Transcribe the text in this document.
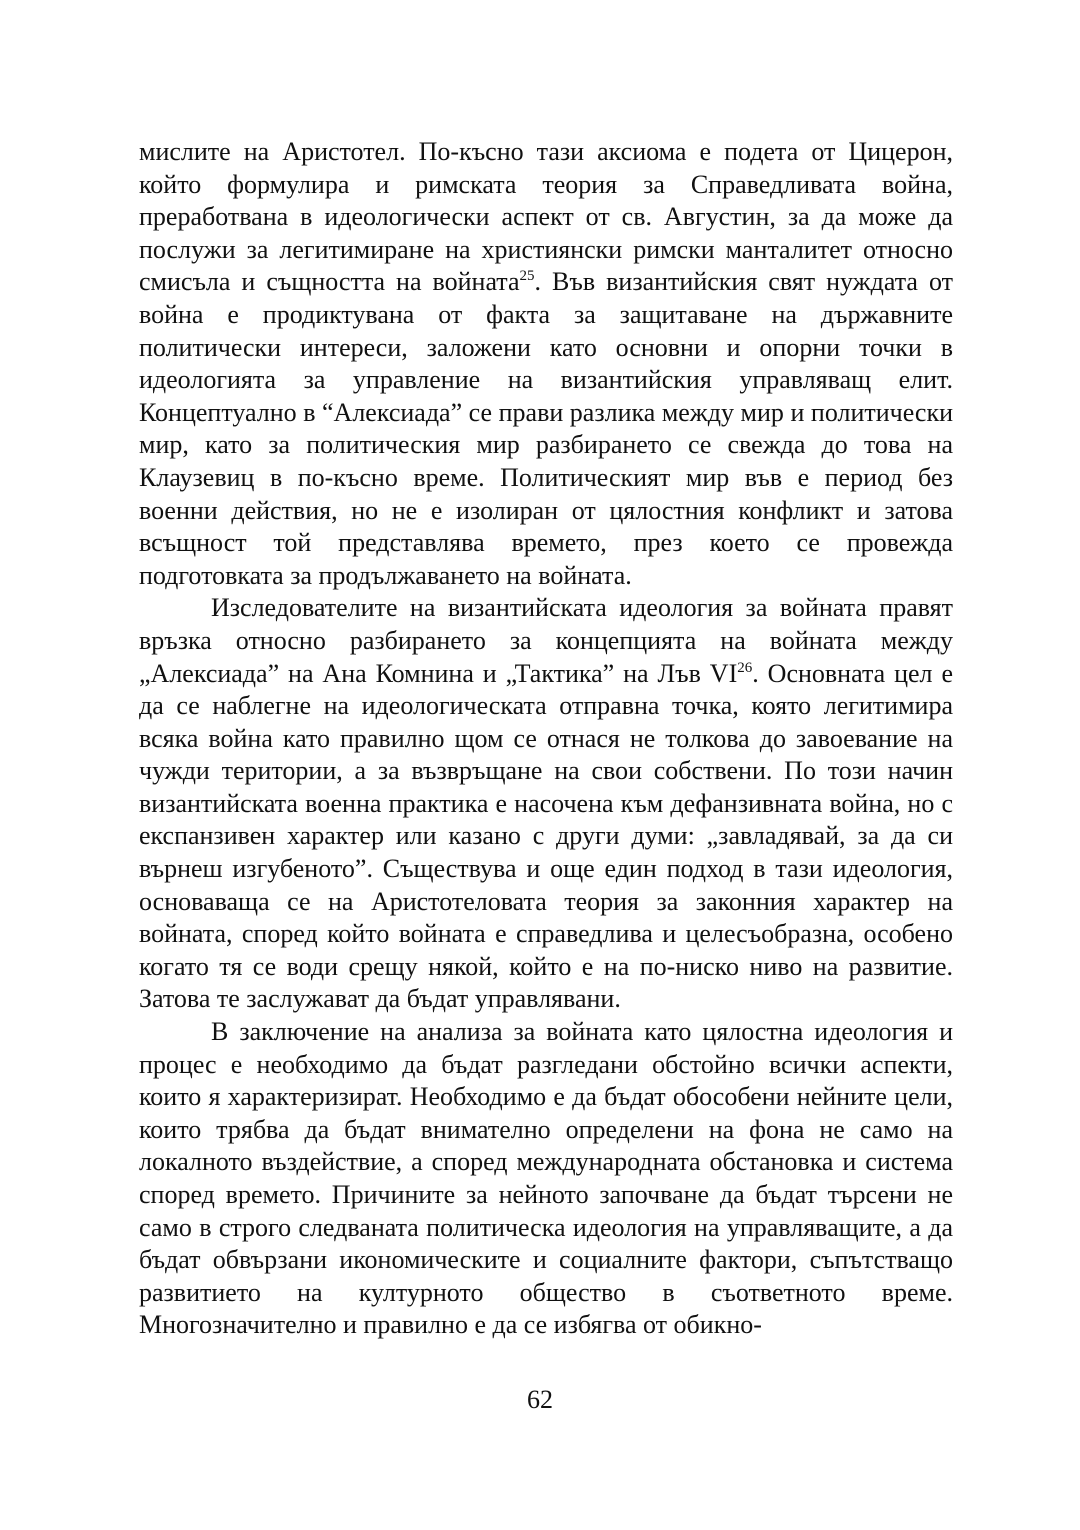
мислите на Аристотел. По-късно тази аксиома е подета от Цицерон, който формулира и римската теория за Справедливата война, преработвана в идеологически аспект от св. Августин, за да може да послужи за легитимиране на християнски римски манталитет относно смисъла и същността на войната$^{25}$. Във византийския свят нуждата от война е продиктувана от факта за защитаване на държавните политически интереси, заложени като основни и опорни точки в идеологията за управление на византийския управляващ елит. Концептуално в “Алексиада” се прави разлика между мир и политически мир, като за политическия мир разбирането се свежда до това на Клаузевиц в по-късно време. Политическият мир във е период без военни действия, но не е изолиран от цялостния конфликт и затова всъщност той представлява времето, през което се провежда подготовката за продължаването на войната.

Изследователите на византийската идеология за войната правят връзка относно разбирането за концепцията на войната между „Алексиада” на Ана Комнина и „Тактика” на Лъв VI$^{26}$. Основната цел е да се наблегне на идеологическата отправна точка, която легитимира всяка война като правилно щом се отнася не толкова до завоевание на чужди територии, а за възвръщане на свои собствени. По този начин византийската военна практика е насочена към дефанзивната война, но с експанзивен характер или казано с други думи: „завладявай, за да си върнеш изгубеното”. Съществува и още един подход в тази идеология, основаваща се на Аристотеловата теория за законния характер на войната, според който войната е справедлива и целесъобразна, особено когато тя се води срещу някой, който е на по-ниско ниво на развитие. Затова те заслужават да бъдат управлявани.

В заключение на анализа за войната като цялостна идеология и процес е необходимо да бъдат разгледани обстойно всички аспекти, които я характеризират. Необходимо е да бъдат обособени нейните цели, които трябва да бъдат внимателно определени на фона не само на локалното въздействие, а според международната обстановка и система според времето. Причините за нейното започване да бъдат търсени не само в строго следваната политическа идеология на управляващите, а да бъдат обвързани икономическите и социалните фактори, съпътстващо развитието на културното общество в съответното време. Многозначително и правилно е да се избягва от обикно-

62
